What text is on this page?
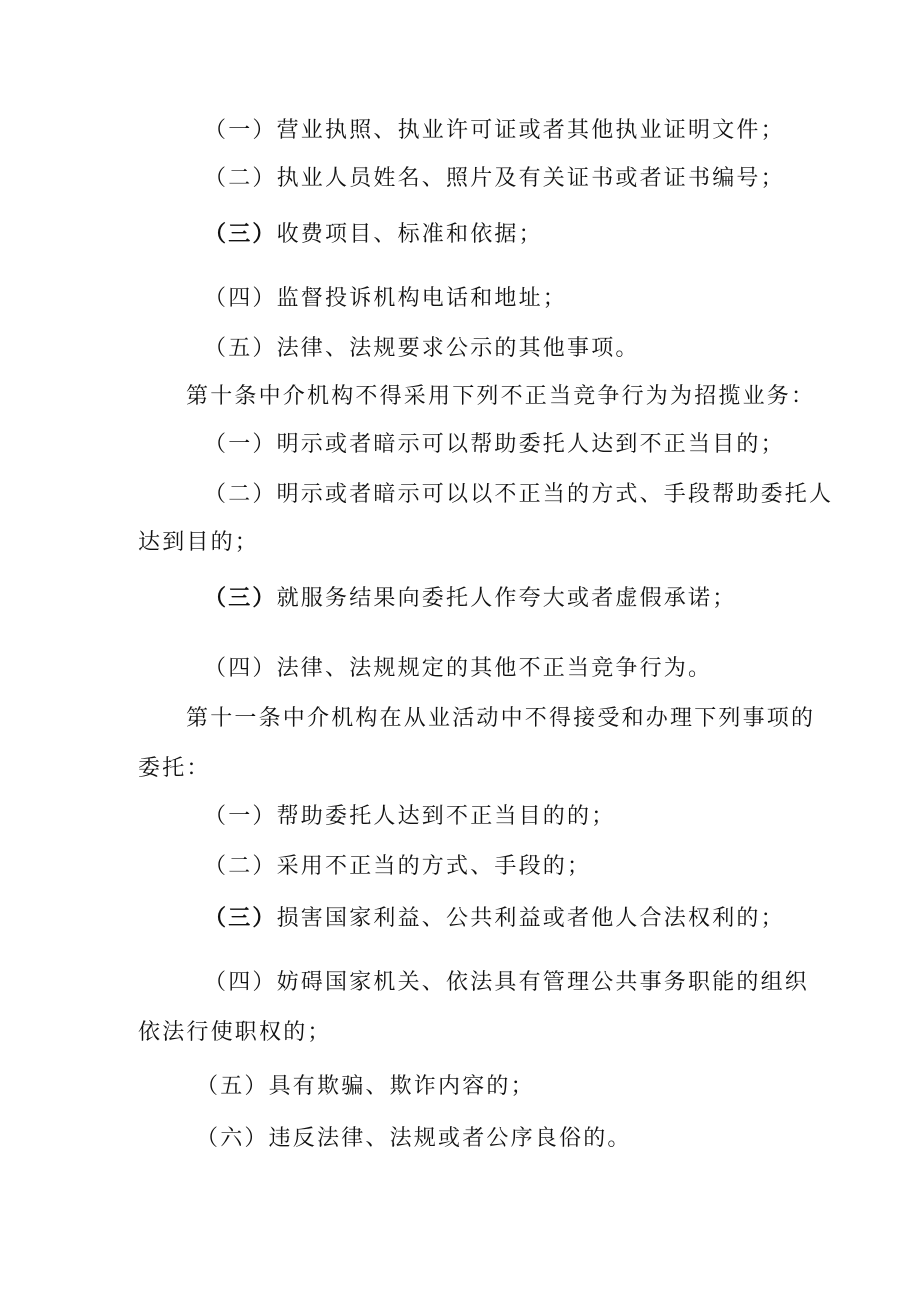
（一）营业执照、执业许可证或者其他执业证明文件；
（二）执业人员姓名、照片及有关证书或者证书编号；
（三）收费项目、标准和依据；
（四）监督投诉机构电话和地址；
（五）法律、法规要求公示的其他事项。
第十条中介机构不得采用下列不正当竞争行为为招揽业务：
（一）明示或者暗示可以帮助委托人达到不正当目的；
（二）明示或者暗示可以以不正当的方式、手段帮助委托人
达到目的；
（三）就服务结果向委托人作夸大或者虚假承诺；
（四）法律、法规规定的其他不正当竞争行为。
第十一条中介机构在从业活动中不得接受和办理下列事项的
委托：
（一）帮助委托人达到不正当目的的；
（二）采用不正当的方式、手段的；
（三）损害国家利益、公共利益或者他人合法权利的；
（四）妨碍国家机关、依法具有管理公共事务职能的组织
依法行使职权的；
（五）具有欺骗、欺诈内容的；
（六）违反法律、法规或者公序良俗的。
